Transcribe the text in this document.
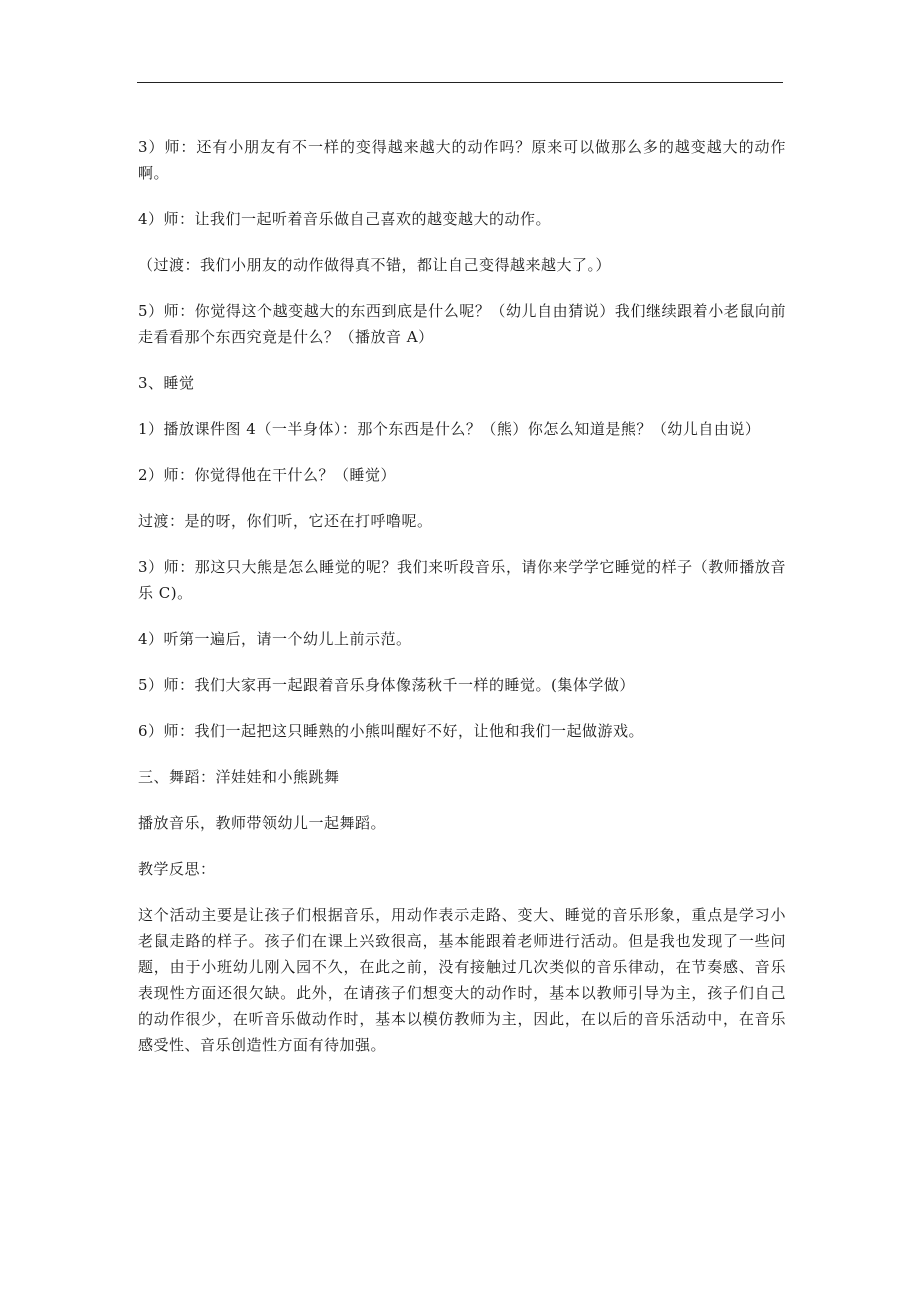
3）师：还有小朋友有不一样的变得越来越大的动作吗？原来可以做那么多的越变越大的动作啊。

4）师：让我们一起听着音乐做自己喜欢的越变越大的动作。

（过渡：我们小朋友的动作做得真不错，都让自己变得越来越大了。）

5）师：你觉得这个越变越大的东西到底是什么呢？（幼儿自由猜说）我们继续跟着小老鼠向前走看看那个东西究竟是什么？（播放音 A）

3、睡觉

1）播放课件图 4（一半身体）：那个东西是什么？（熊）你怎么知道是熊？（幼儿自由说）

2）师：你觉得他在干什么？（睡觉）

过渡：是的呀，你们听，它还在打呼噜呢。

3）师：那这只大熊是怎么睡觉的呢？我们来听段音乐，请你来学学它睡觉的样子（教师播放音乐 C)。

4）听第一遍后，请一个幼儿上前示范。

5）师：我们大家再一起跟着音乐身体像荡秋千一样的睡觉。(集体学做）

6）师：我们一起把这只睡熟的小熊叫醒好不好，让他和我们一起做游戏。

三、舞蹈：洋娃娃和小熊跳舞

播放音乐，教师带领幼儿一起舞蹈。

教学反思：

这个活动主要是让孩子们根据音乐，用动作表示走路、变大、睡觉的音乐形象，重点是学习小老鼠走路的样子。孩子们在课上兴致很高，基本能跟着老师进行活动。但是我也发现了一些问题，由于小班幼儿刚入园不久，在此之前，没有接触过几次类似的音乐律动，在节奏感、音乐表现性方面还很欠缺。此外，在请孩子们想变大的动作时，基本以教师引导为主，孩子们自己的动作很少，在听音乐做动作时，基本以模仿教师为主，因此，在以后的音乐活动中，在音乐感受性、音乐创造性方面有待加强。
